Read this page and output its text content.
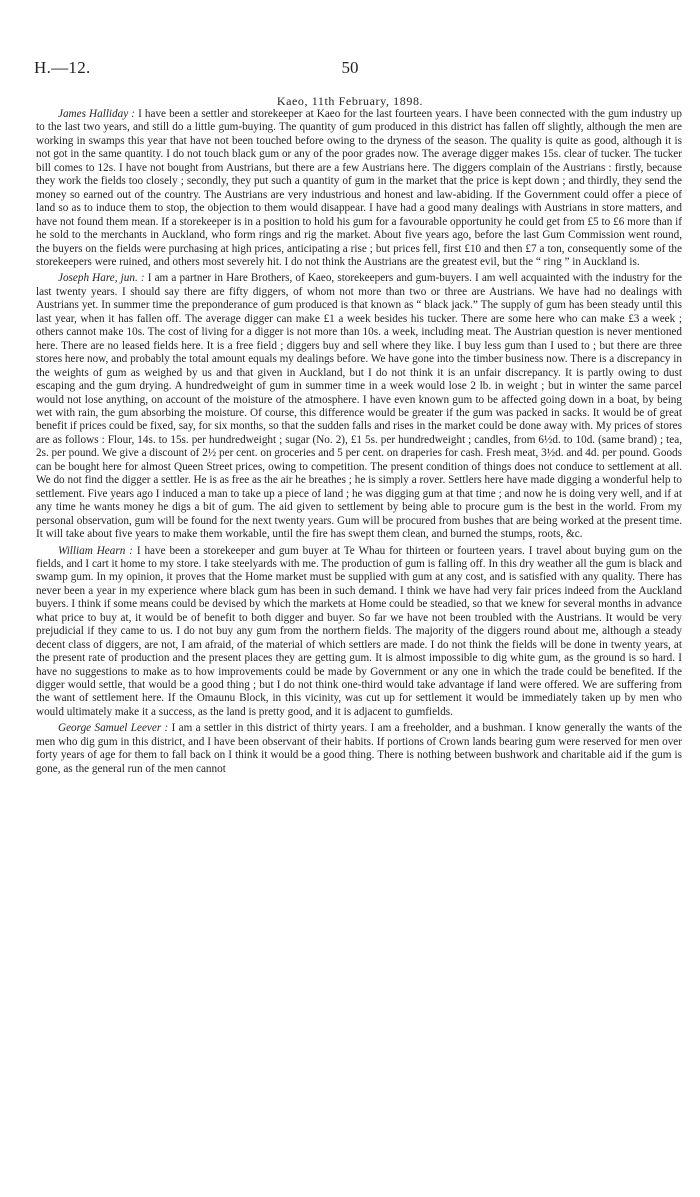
H.—12.	50
Kaeo, 11th February, 1898.

James Halliday : I have been a settler and storekeeper at Kaeo for the last fourteen years. I have been connected with the gum industry up to the last two years, and still do a little gum-buying. The quantity of gum produced in this district has fallen off slightly, although the men are working in swamps this year that have not been touched before owing to the dryness of the season. The quality is quite as good, although it is not got in the same quantity. I do not touch black gum or any of the poor grades now. The average digger makes 15s. clear of tucker. The tucker bill comes to 12s. I have not bought from Austrians, but there are a few Austrians here. The diggers complain of the Austrians : firstly, because they work the fields too closely ; secondly, they put such a quantity of gum in the market that the price is kept down ; and thirdly, they send the money so earned out of the country. The Austrians are very industrious and honest and law-abiding. If the Government could offer a piece of land so as to induce them to stop, the objection to them would disappear. I have had a good many dealings with Austrians in store matters, and have not found them mean. If a storekeeper is in a position to hold his gum for a favourable opportunity he could get from £5 to £6 more than if he sold to the merchants in Auckland, who form rings and rig the market. About five years ago, before the last Gum Commission went round, the buyers on the fields were purchasing at high prices, anticipating a rise ; but prices fell, first £10 and then £7 a ton, consequently some of the storekeepers were ruined, and others most severely hit. I do not think the Austrians are the greatest evil, but the “ ring ” in Auckland is.

Joseph Hare, jun. : I am a partner in Hare Brothers, of Kaeo, storekeepers and gum-buyers. I am well acquainted with the industry for the last twenty years. I should say there are fifty diggers, of whom not more than two or three are Austrians. We have had no dealings with Austrians yet. In summer time the preponderance of gum produced is that known as “ black jack.” The supply of gum has been steady until this last year, when it has fallen off. The average digger can make £1 a week besides his tucker. There are some here who can make £3 a week ; others cannot make 10s. The cost of living for a digger is not more than 10s. a week, including meat. The Austrian question is never mentioned here. There are no leased fields here. It is a free field ; diggers buy and sell where they like. I buy less gum than I used to ; but there are three stores here now, and probably the total amount equals my dealings before. We have gone into the timber business now. There is a discrepancy in the weights of gum as weighed by us and that given in Auckland, but I do not think it is an unfair discrepancy. It is partly owing to dust escaping and the gum drying. A hundredweight of gum in summer time in a week would lose 2 lb. in weight ; but in winter the same parcel would not lose anything, on account of the moisture of the atmosphere. I have even known gum to be affected going down in a boat, by being wet with rain, the gum absorbing the moisture. Of course, this difference would be greater if the gum was packed in sacks. It would be of great benefit if prices could be fixed, say, for six months, so that the sudden falls and rises in the market could be done away with. My prices of stores are as follows : Flour, 14s. to 15s. per hundredweight ; sugar (No. 2), £1 5s. per hundredweight ; candles, from 6½d. to 10d. (same brand) ; tea, 2s. per pound. We give a discount of 2½ per cent. on groceries and 5 per cent. on draperies for cash. Fresh meat, 3½d. and 4d. per pound. Goods can be bought here for almost Queen Street prices, owing to competition. The present condition of things does not conduce to settlement at all. We do not find the digger a settler. He is as free as the air he breathes ; he is simply a rover. Settlers here have made digging a wonderful help to settlement. Five years ago I induced a man to take up a piece of land ; he was digging gum at that time ; and now he is doing very well, and if at any time he wants money he digs a bit of gum. The aid given to settlement by being able to procure gum is the best in the world. From my personal observation, gum will be found for the next twenty years. Gum will be procured from bushes that are being worked at the present time. It will take about five years to make them workable, until the fire has swept them clean, and burned the stumps, roots, &c.

William Hearn : I have been a storekeeper and gum buyer at Te Whau for thirteen or fourteen years. I travel about buying gum on the fields, and I cart it home to my store. I take steelyards with me. The production of gum is falling off. In this dry weather all the gum is black and swamp gum. In my opinion, it proves that the Home market must be supplied with gum at any cost, and is satisfied with any quality. There has never been a year in my experience where black gum has been in such demand. I think we have had very fair prices indeed from the Auckland buyers. I think if some means could be devised by which the markets at Home could be steadied, so that we knew for several months in advance what price to buy at, it would be of benefit to both digger and buyer. So far we have not been troubled with the Austrians. It would be very prejudicial if they came to us. I do not buy any gum from the northern fields. The majority of the diggers round about me, although a steady decent class of diggers, are not, I am afraid, of the material of which settlers are made. I do not think the fields will be done in twenty years, at the present rate of production and the present places they are getting gum. It is almost impossible to dig white gum, as the ground is so hard. I have no suggestions to make as to how improvements could be made by Government or any one in which the trade could be benefited. If the digger would settle, that would be a good thing ; but I do not think one-third would take advantage if land were offered. We are suffering from the want of settlement here. If the Omaunu Block, in this vicinity, was cut up for settlement it would be immediately taken up by men who would ultimately make it a success, as the land is pretty good, and it is adjacent to gumfields.

George Samuel Leever : I am a settler in this district of thirty years. I am a freeholder, and a bushman. I know generally the wants of the men who dig gum in this district, and I have been observant of their habits. If portions of Crown lands bearing gum were reserved for men over forty years of age for them to fall back on I think it would be a good thing. There is nothing between bushwork and charitable aid if the gum is gone, as the general run of the men cannot
